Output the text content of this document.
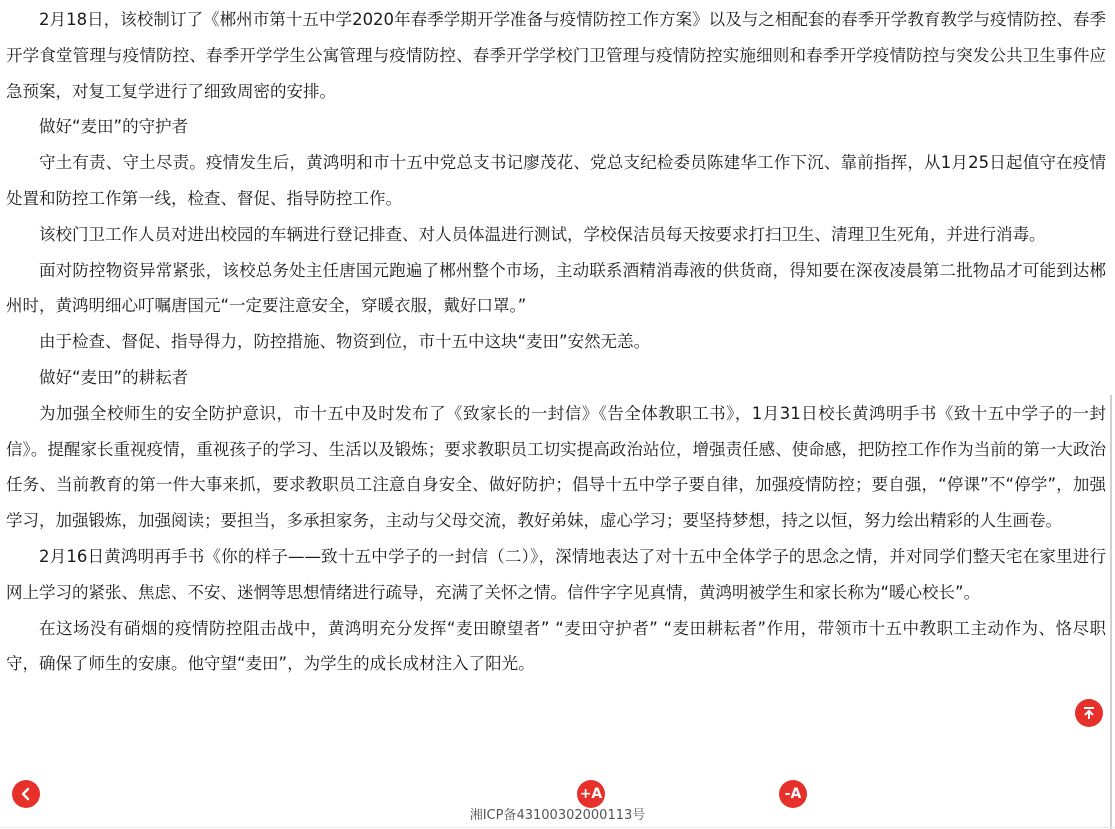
2月18日，该校制订了《郴州市第十五中学2020年春季学期开学准备与疫情防控工作方案》以及与之相配套的春季开学教育教学与疫情防控、春季开学食堂管理与疫情防控、春季开学学生公寓管理与疫情防控、春季开学学校门卫管理与疫情防控实施细则和春季开学疫情防控与突发公共卫生事件应急预案，对复工复学进行了细致周密的安排。

做好“麦田”的守护者

守土有责、守土尽责。疫情发生后，黄鸿明和市十五中党总支书记廖茂花、党总支纪检委员陈建华工作下沉、靠前指挥，从1月25日起值守在疫情处置和防控工作第一线，检查、督促、指导防控工作。

该校门卫工作人员对进出校园的车辆进行登记排查、对人员体温进行测试，学校保洁员每天按要求打扫卫生、清理卫生死角，并进行消毒。

面对防控物资异常紧张，该校总务处主任唐国元跑遍了郴州整个市场，主动联系酒精消毒液的供货商，得知要在深夜凌晨第二批物品才可能到达郴州时，黄鸿明细心叮嘱唐国元“一定要注意安全，穿暖衣服，戴好口罩。”

由于检查、督促、指导得力，防控措施、物资到位，市十五中这块“麦田”安然无恙。

做好“麦田”的耕耘者

为加强全校师生的安全防护意识，市十五中及时发布了《致家长的一封信》《告全体教职工书》，1月31日校长黄鸿明手书《致十五中学子的一封信》。提醒家长重视疫情，重视孩子的学习、生活以及锻炼；要求教职员工切实提高政治站位，增强责任感、使命感，把防控工作作为当前的第一大政治任务、当前教育的第一件大事来抓，要求教职员工注意自身安全、做好防护；倡导十五中学子要自律，加强疫情防控；要自强，“停课”不“停学”，加强学习，加强锻炼，加强阅读；要担当，多承担家务，主动与父母交流，教好弟妹，虚心学习；要坚持梦想，持之以恒，努力绘出精彩的人生画卷。

2月16日黄鸿明再手书《你的样子——致十五中学子的一封信（二）》，深情地表达了对十五中全体学子的思念之情，并对同学们整天宅在家里进行网上学习的紧张、焦虑、不安、迷惘等思想情绪进行疏导，充满了关怀之情。信件字字见真情，黄鸿明被学生和家长称为“暖心校长”。

在这场没有硝烟的疫情防控阻击战中，黄鸿明充分发挥“麦田瞭望者” “麦田守护者” “麦田耕耘者”作用，带领市十五中教职工主动作为、恪尽职守，确保了师生的安康。他守望“麦田”，为学生的成长成材注入了阳光。

湘ICP备43100302000113号
+A	-A
